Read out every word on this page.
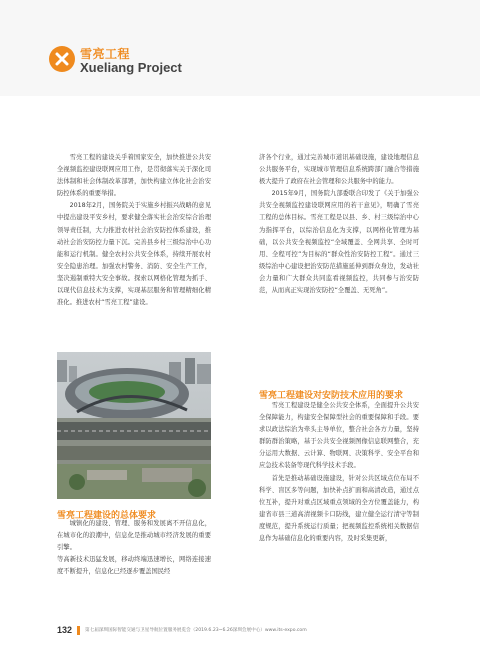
雪亮工程
Xueliang Project

雪亮工程的建设关乎着国家安全，加快推进公共安全视频监控建设联网应用工作，是贯彻落实关于深化司法体制和社会体制改革部署，加快构建立体化社会治安防控体系的重要举措。

2018年2月，国务院关于实施乡村振兴战略的意见中提出建设平安乡村，要求健全落实社会治安综合治理领导责任制，大力推进农村社会治安防控体系建设，推动社会治安防控力量下沉。完善县乡村三级综治中心功能和运行机制。健全农村公共安全体系，持续开展农村安全隐患治理。加强农村警务、消防、安全生产工作，坚决遏制重特大安全事故。探索以网格化管理为抓手、以现代信息技术为支撑，实现基层服务和管理精细化精准化。推进农村“雪亮工程”建设。

济各个行业，通过完善城市道讯基础设施，建设地理信息公共服务平台，实现城市管理信息系统跨部门融合等措施极大提升了政府在社会管理和公共服务中的能力。

2015年9月，国务院九部委联合印发了《关于加强公共安全视频监控建设联网应用的若干意见》，明确了雪亮工程的总体目标。雪亮工程是以县、乡、村三级综治中心为指挥平台，以综治信息化为支撑，以网格化管理为基础，以公共安全视频监控“全域覆盖、全网共享、全时可用、全程可控”为目标的“群众性治安防控工程”。通过三级综治中心建设把治安防范措施延伸到群众身边，发动社会力量和广大群众共同监看视频监控，共同参与治安防范，从而真正实现治安防控“全覆盖、无死角”。

雪亮工程建设对安防技术应用的要求

雪亮工程建设是健全公共安全体系，全面提升公共安全保障能力，构建安全保障型社会的重要保障和手段。要求以政法综治为牵头主导单位，整合社会各方力量，坚持群防群治策略，基于公共安全视频图像信息联网整合，充分运用大数据、云计算、物联网、决策科学、安全平台和应急技术装备等现代科学技术手段。

首先是推动基础设施建设，针对公共区域点位布局不科学、盲区多等问题，加快补点扩面和高清改造，通过点位互补，提升对重点区域重点领域的全方位覆盖能力，构建省市县三道高清视频卡口防线，建立健全运行清守等制度规范，提升系统运行质量；把视频监控系统相关数据信息作为基础信息化的重要内容，及时采集更新，

雪亮工程建设的总体要求

城镇化的建设、管理、服务和发展离不开信息化，在城市化的浪潮中，信息化是推动城市经济发展的重要引擎。

等高新技术迅猛发展，移动终端迅速增长，网络连接速度不断提升，信息化已经逐步覆盖国民经

132	第七届深圳国际智能交通与卫星导航位置服务展览会（2019.6.23~6.26深圳会展中心）www.its-expo.com
